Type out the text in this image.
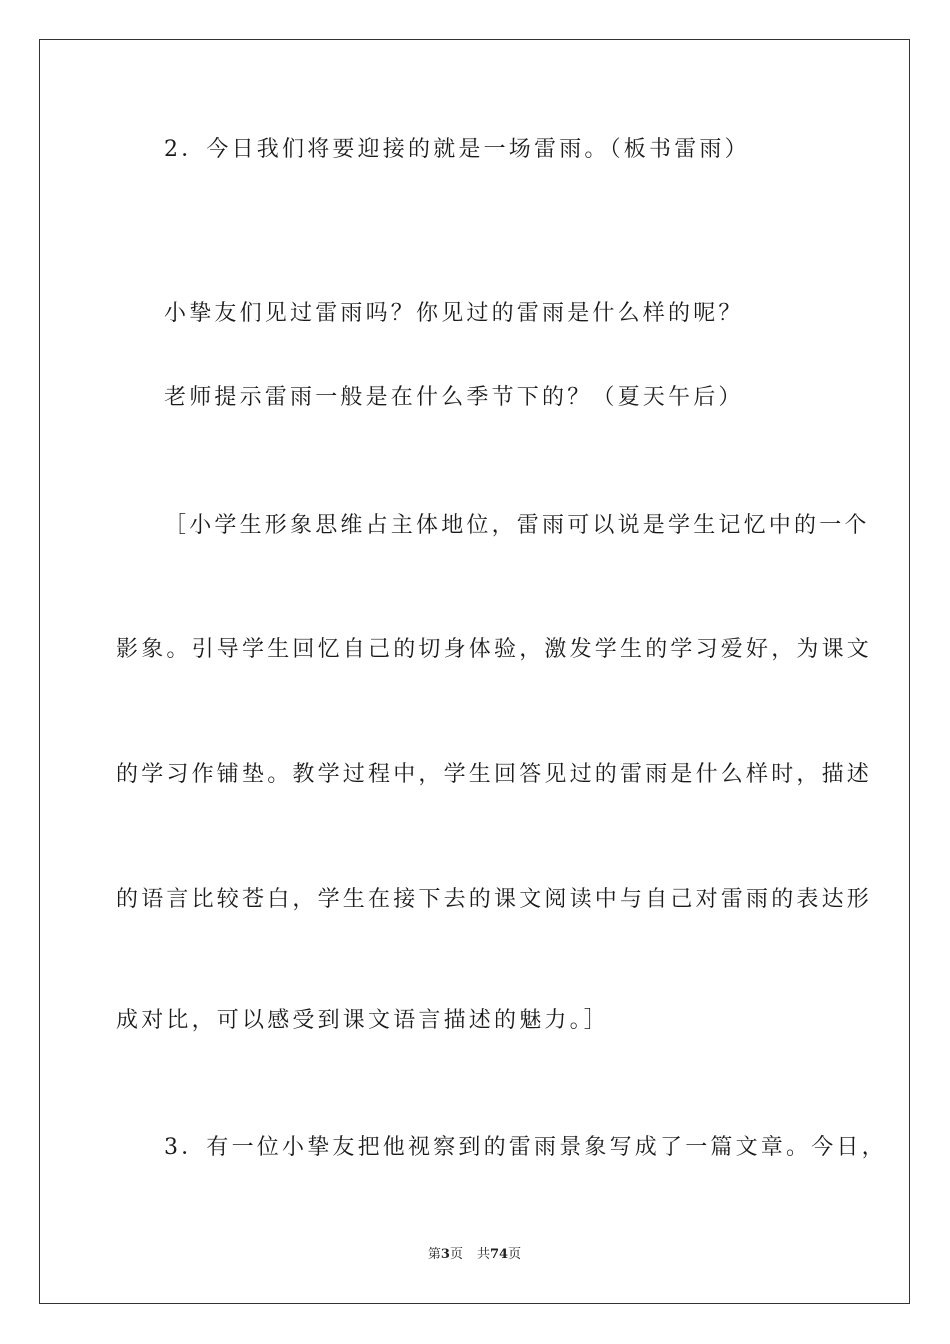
2．今日我们将要迎接的就是一场雷雨。（板书雷雨）

小挚友们见过雷雨吗？你见过的雷雨是什么样的呢？

老师提示雷雨一般是在什么季节下的？（夏天午后）

［小学生形象思维占主体地位，雷雨可以说是学生记忆中的一个

影象。引导学生回忆自己的切身体验，激发学生的学习爱好，为课文

的学习作铺垫。教学过程中，学生回答见过的雷雨是什么样时，描述

的语言比较苍白，学生在接下去的课文阅读中与自己对雷雨的表达形

成对比，可以感受到课文语言描述的魅力。］

3．有一位小挚友把他视察到的雷雨景象写成了一篇文章。今日，

第3页 共74页
